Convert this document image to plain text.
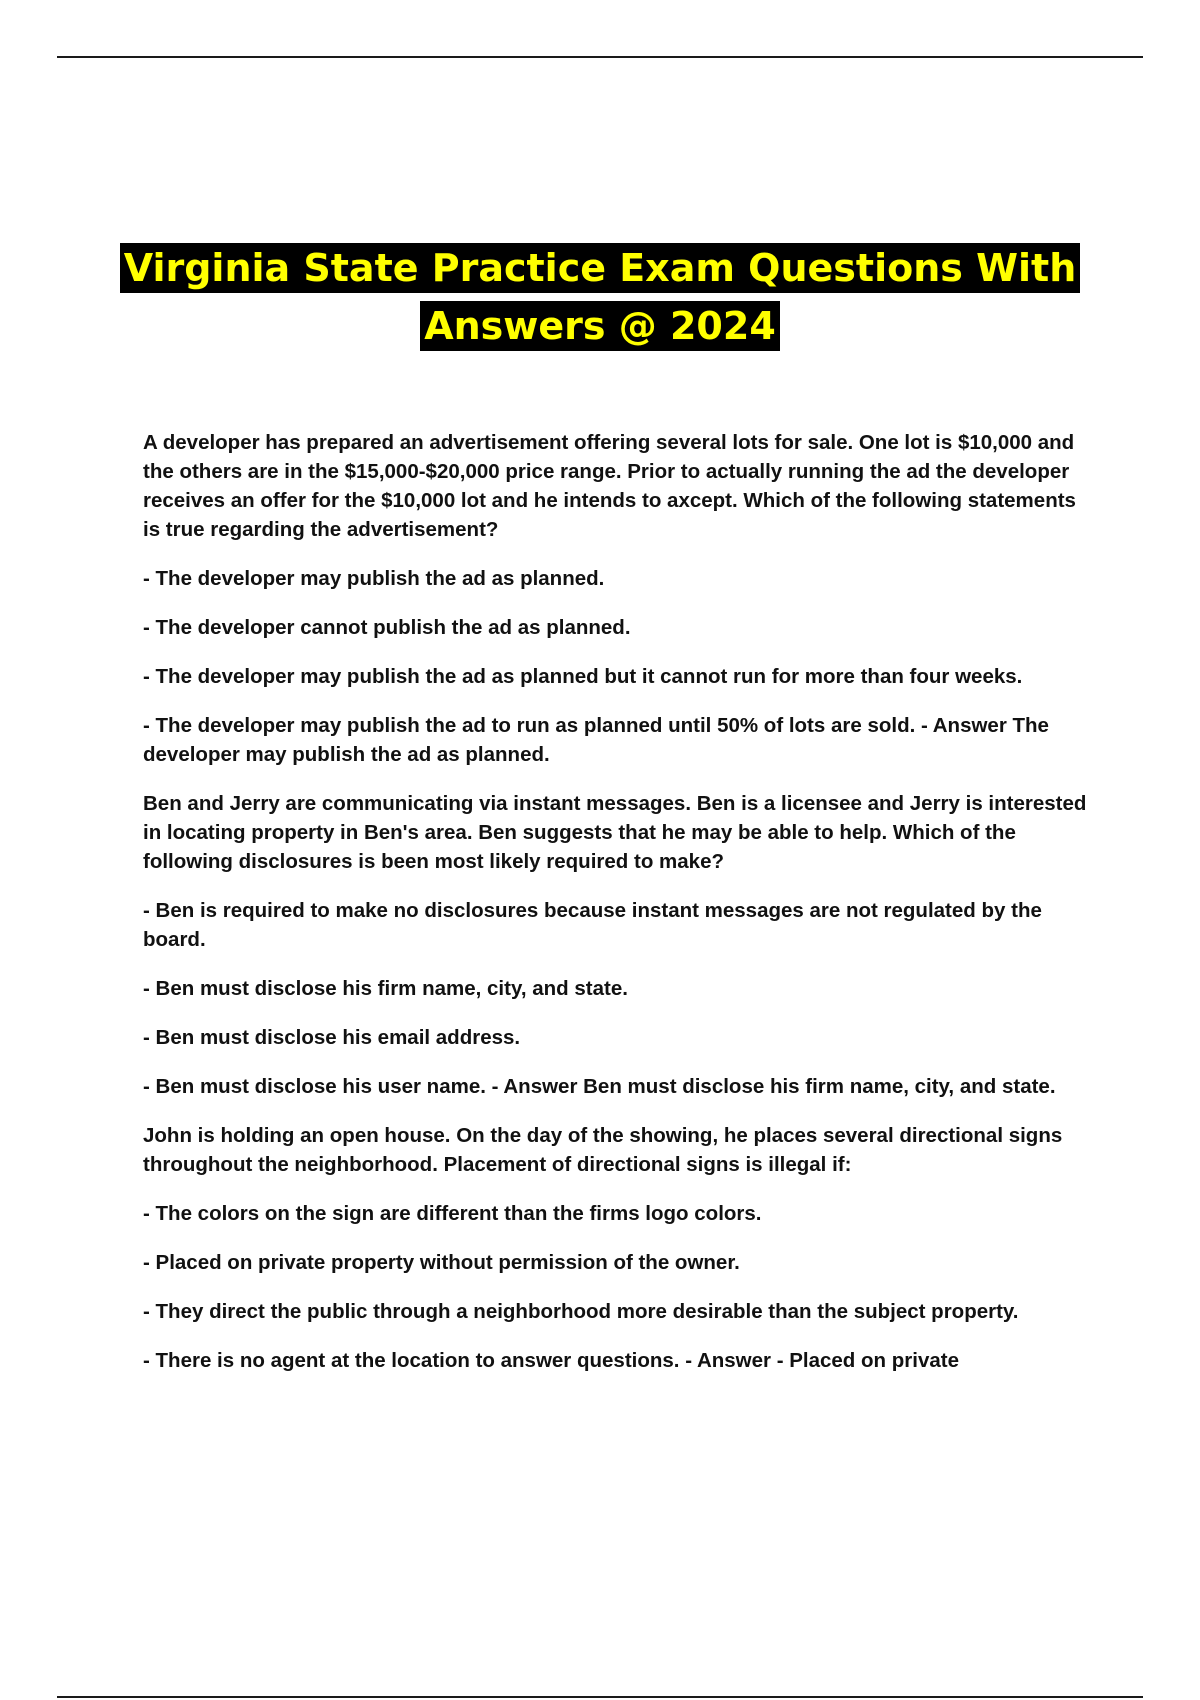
Virginia State Practice Exam Questions With
Answers @ 2024

A developer has prepared an advertisement offering several lots for sale. One lot is $10,000 and the others are in the $15,000-$20,000 price range. Prior to actually running the ad the developer receives an offer for the $10,000 lot and he intends to axcept. Which of the following statements is true regarding the advertisement?

- The developer may publish the ad as planned.

- The developer cannot publish the ad as planned.

- The developer may publish the ad as planned but it cannot run for more than four weeks.

- The developer may publish the ad to run as planned until 50% of lots are sold. - Answer The developer may publish the ad as planned.

Ben and Jerry are communicating via instant messages. Ben is a licensee and Jerry is interested in locating property in Ben's area. Ben suggests that he may be able to help. Which of the following disclosures is been most likely required to make?

- Ben is required to make no disclosures because instant messages are not regulated by the board.

- Ben must disclose his firm name, city, and state.

- Ben must disclose his email address.

- Ben must disclose his user name. - Answer Ben must disclose his firm name, city, and state.

John is holding an open house. On the day of the showing, he places several directional signs throughout the neighborhood. Placement of directional signs is illegal if:

- The colors on the sign are different than the firms logo colors.

- Placed on private property without permission of the owner.

- They direct the public through a neighborhood more desirable than the subject property.

- There is no agent at the location to answer questions. - Answer - Placed on private
